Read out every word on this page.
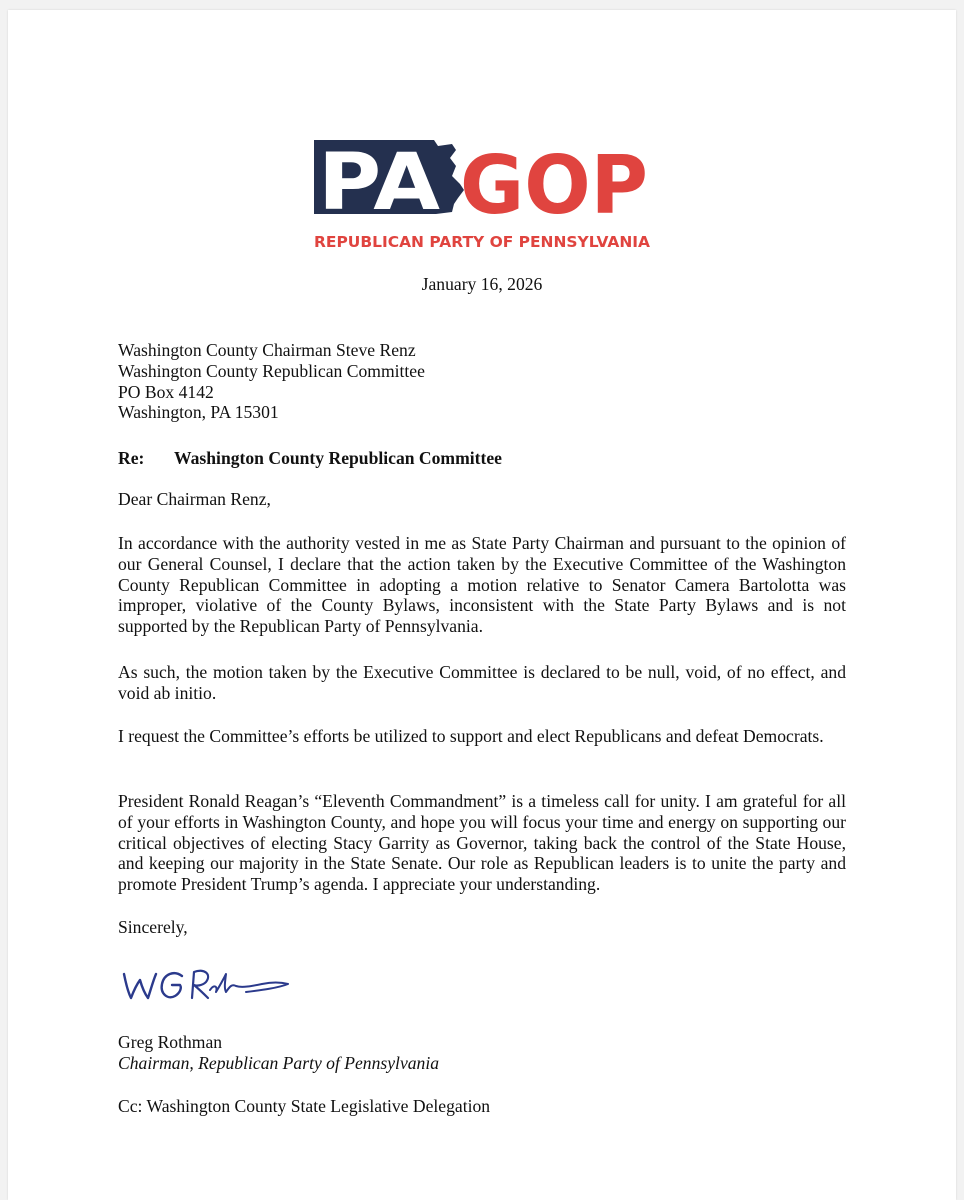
PA GOP
REPUBLICAN PARTY OF PENNSYLVANIA
January 16, 2026
Washington County Chairman Steve Renz
Washington County Republican Committee
PO Box 4142
Washington, PA 15301
Re: Washington County Republican Committee
Dear Chairman Renz,

In accordance with the authority vested in me as State Party Chairman and pursuant to the opinion of our General Counsel, I declare that the action taken by the Executive Committee of the Washington County Republican Committee in adopting a motion relative to Senator Camera Bartolotta was improper, violative of the County Bylaws, inconsistent with the State Party Bylaws and is not supported by the Republican Party of Pennsylvania.

As such, the motion taken by the Executive Committee is declared to be null, void, of no effect, and void ab initio.

I request the Committee’s efforts be utilized to support and elect Republicans and defeat Democrats.

President Ronald Reagan’s “Eleventh Commandment” is a timeless call for unity. I am grateful for all of your efforts in Washington County, and hope you will focus your time and energy on supporting our critical objectives of electing Stacy Garrity as Governor, taking back the control of the State House, and keeping our majority in the State Senate. Our role as Republican leaders is to unite the party and promote President Trump’s agenda. I appreciate your understanding.

Sincerely,
Greg Rothman
Chairman, Republican Party of Pennsylvania
Cc: Washington County State Legislative Delegation
